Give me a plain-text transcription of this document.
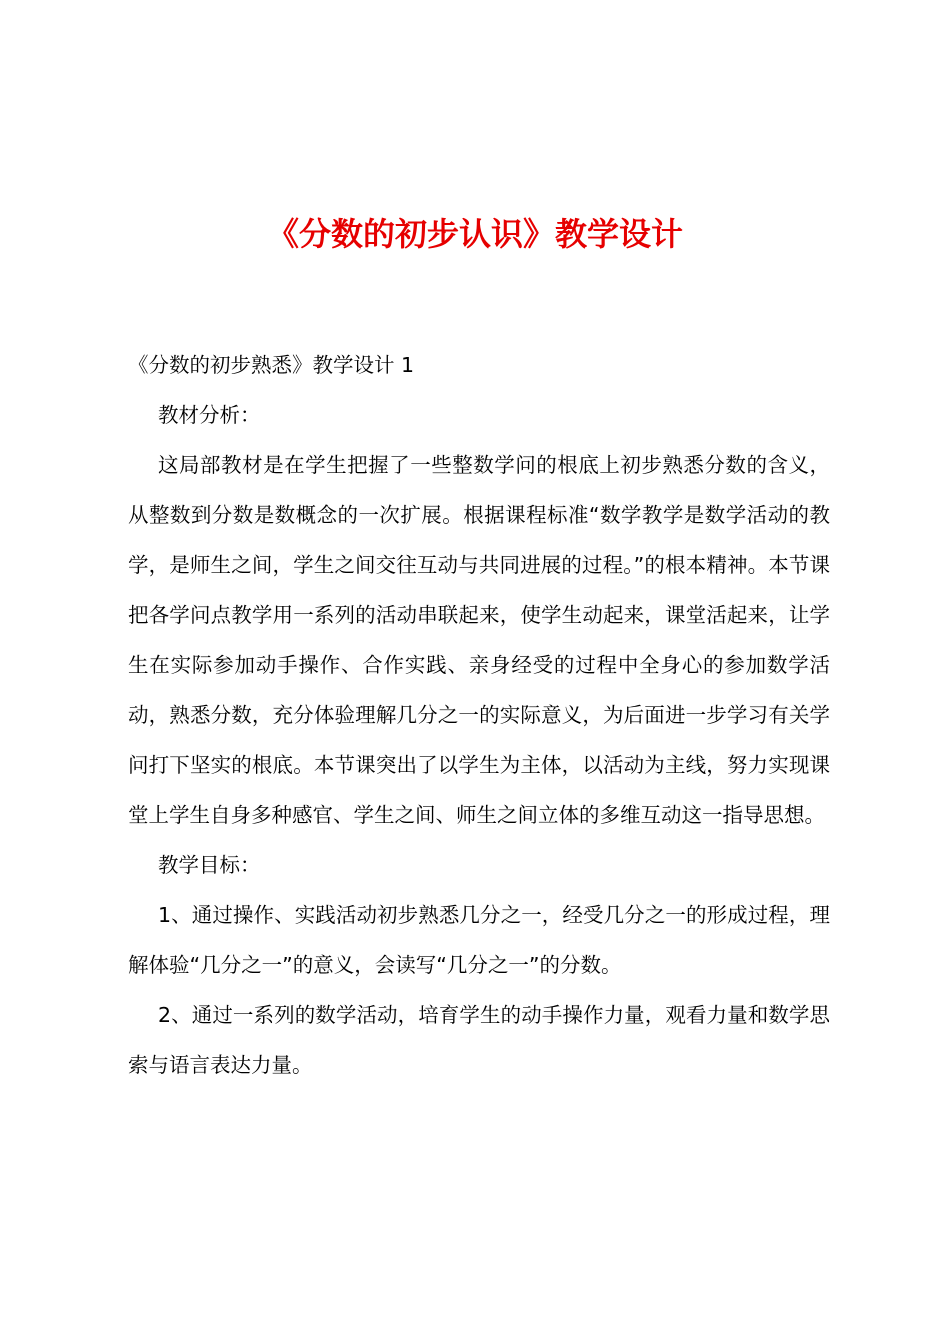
《分数的初步认识》教学设计

《分数的初步熟悉》教学设计 1

教材分析：

这局部教材是在学生把握了一些整数学问的根底上初步熟悉分数的含义，从整数到分数是数概念的一次扩展。根据课程标准“数学教学是数学活动的教学，是师生之间，学生之间交往互动与共同进展的过程。”的根本精神。本节课把各学问点教学用一系列的活动串联起来，使学生动起来，课堂活起来，让学生在实际参加动手操作、合作实践、亲身经受的过程中全身心的参加数学活动，熟悉分数，充分体验理解几分之一的实际意义，为后面进一步学习有关学问打下坚实的根底。本节课突出了以学生为主体，以活动为主线，努力实现课堂上学生自身多种感官、学生之间、师生之间立体的多维互动这一指导思想。

教学目标：

1、通过操作、实践活动初步熟悉几分之一，经受几分之一的形成过程，理解体验“几分之一”的意义，会读写“几分之一”的分数。

2、通过一系列的数学活动，培育学生的动手操作力量，观看力量和数学思索与语言表达力量。
